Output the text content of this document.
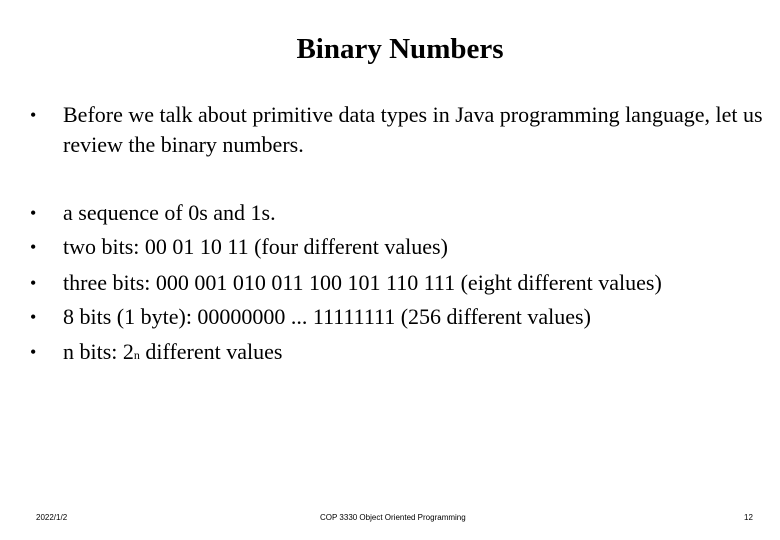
Binary Numbers
•	Before we talk about primitive data types in Java programming language, let us review the binary numbers.
•	a sequence of 0s and 1s.
•	two bits: 00 01 10 11 (four different values)
•	three bits: 000 001 010 011 100 101 110 111 (eight different values)
•	8 bits (1 byte): 00000000 ... 11111111 (256 different values)
•	n bits: 2$^n$ different values
2022/1/2	COP 3330 Object Oriented Programming	12
